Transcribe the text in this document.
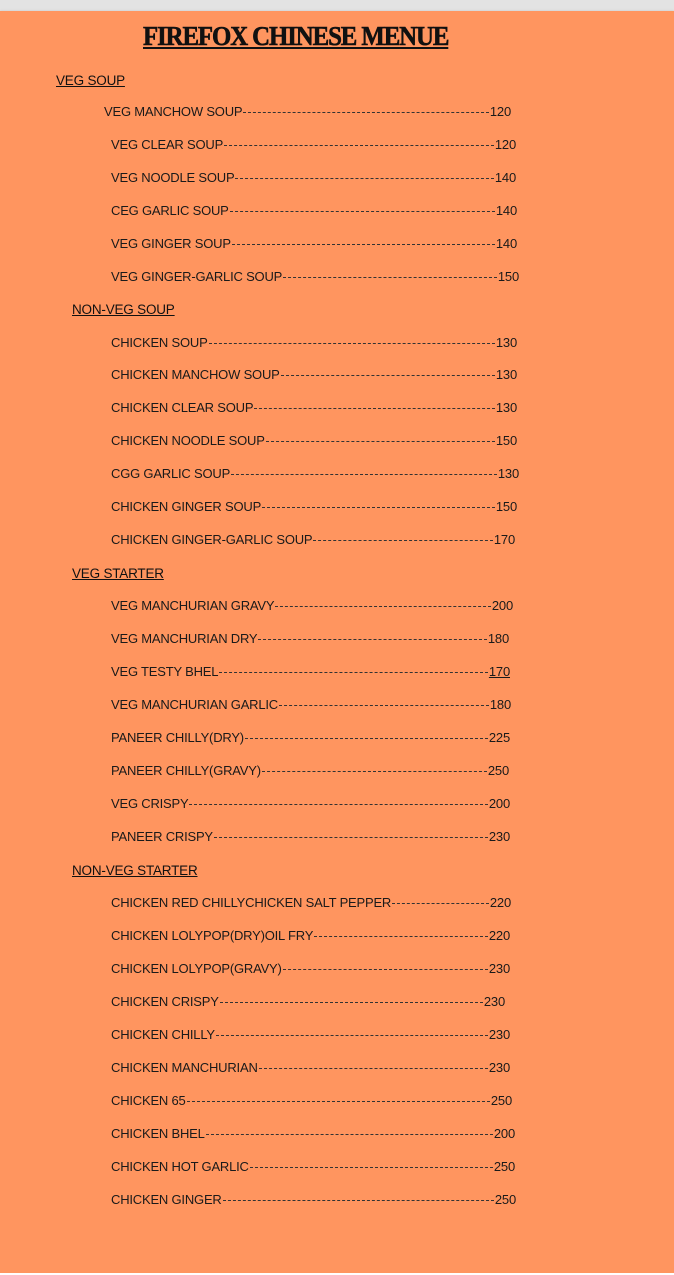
FIREFOX CHINESE MENUE
VEG SOUP
VEG MANCHOW SOUP	120
VEG CLEAR SOUP	120
VEG NOODLE SOUP	140
CEG GARLIC SOUP	140
VEG GINGER SOUP	140
VEG GINGER-GARLIC SOUP	150
NON-VEG SOUP
CHICKEN SOUP	130
CHICKEN MANCHOW SOUP	130
CHICKEN CLEAR SOUP	130
CHICKEN NOODLE SOUP	150
CGG GARLIC SOUP	130
CHICKEN GINGER SOUP	150
CHICKEN GINGER-GARLIC SOUP	170
VEG STARTER
VEG MANCHURIAN GRAVY	200
VEG MANCHURIAN DRY	180
VEG TESTY BHEL	170
VEG MANCHURIAN GARLIC	180
PANEER CHILLY(DRY)	225
PANEER CHILLY(GRAVY)	250
VEG CRISPY	200
PANEER CRISPY	230
NON-VEG STARTER
CHICKEN RED CHILLYCHICKEN SALT PEPPER	220
CHICKEN LOLYPOP(DRY)OIL FRY	220
CHICKEN LOLYPOP(GRAVY)	230
CHICKEN CRISPY	230
CHICKEN CHILLY	230
CHICKEN MANCHURIAN	230
CHICKEN 65	250
CHICKEN BHEL	200
CHICKEN HOT GARLIC	250
CHICKEN GINGER	250
